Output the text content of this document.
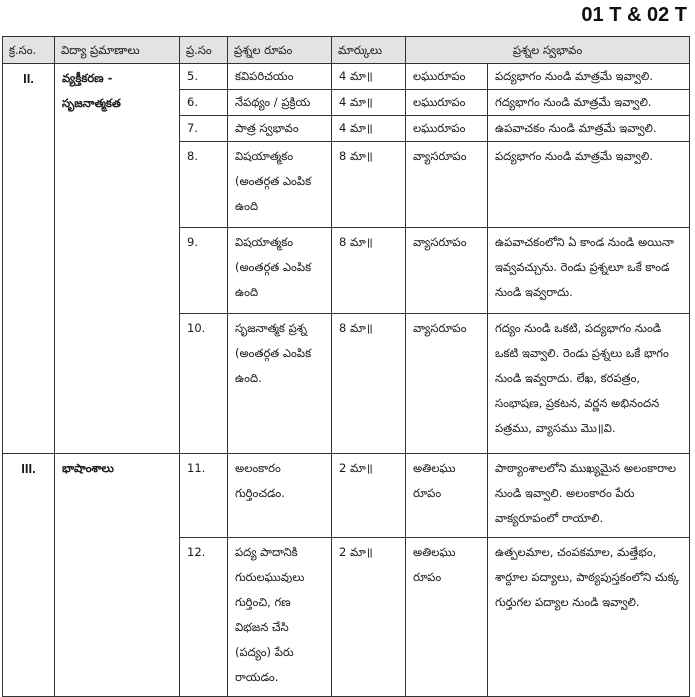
01 T & 02 T
క్ర.సం.	విద్యా ప్రమాణాలు	ప్ర.సం	ప్రశ్నల రూపం	మార్కులు	ప్రశ్నల స్వభావం	
II.	వ్యక్తీకరణ - సృజనాత్మకత	5.	కవిపరిచయం	4 మా॥	లఘురూపం	పద్యభాగం నుండి మాత్రమే ఇవ్వాలి.
		6.	నేపథ్యం / ప్రక్రియ	4 మా॥	లఘురూపం	గద్యభాగం నుండి మాత్రమే ఇవ్వాలి.
		7.	పాత్ర స్వభావం	4 మా॥	లఘురూపం	ఉపవాచకం నుండి మాత్రమే ఇవ్వాలి.
		8.	విషయాత్మకం (అంతర్గత ఎంపిక ఉంది	8 మా॥	వ్యాసరూపం	పద్యభాగం నుండి మాత్రమే ఇవ్వాలి.
		9.	విషయాత్మకం (అంతర్గత ఎంపిక ఉంది	8 మా॥	వ్యాసరూపం	ఉపవాచకంలోని ఏ కాండ నుండి అయినా ఇవ్వవచ్చును. రెండు ప్రశ్నలూ ఒకే కాండ నుండి ఇవ్వరాదు.
		10.	సృజనాత్మక ప్రశ్న (అంతర్గత ఎంపిక ఉంది.	8 మా॥	వ్యాసరూపం	గద్యం నుండి ఒకటి, పద్యభాగం నుండి ఒకటి ఇవ్వాలి. రెండు ప్రశ్నలు ఒకే భాగం నుండి ఇవ్వరాదు. లేఖ, కరపత్రం, సంభాషణ, ప్రకటన, వర్ణన అభినందన పత్రము, వ్యాసము మొ॥వి.
III.	భాషాంశాలు	11.	అలంకారం గుర్తించడం.	2 మా॥	అతిలఘు రూపం	పాఠ్యాంశాలలోని ముఖ్యమైన అలంకారాల నుండి ఇవ్వాలి. అలంకారం పేరు వాక్యరూపంలో రాయాలి.
		12.	పద్య పాదానికి గురులఘువులు గుర్తించి, గణ విభజన చేసి (పద్యం) పేరు రాయడం.	2 మా॥	అతిలఘు రూపం	ఉత్పలమాల, చంపకమాల, మత్తేభం, శార్దూల పద్యాలు, పాఠ్యపుస్తకంలోని చుక్క గుర్తుగల పద్యాల నుండి ఇవ్వాలి.
